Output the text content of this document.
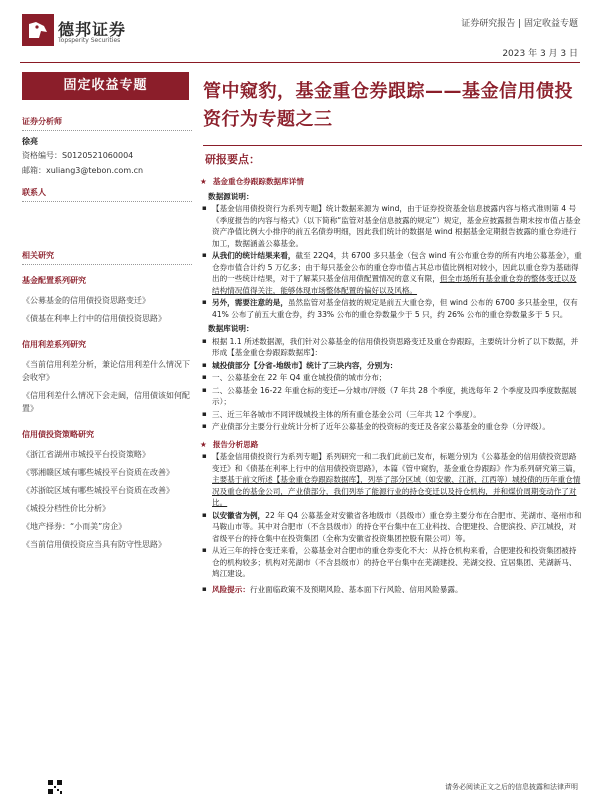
德邦证券
Topsperity Securities
证券研究报告 | 固定收益专题
2023 年 3 月 3 日
固定收益专题
证券分析师
徐亮
资格编号：S0120521060004
邮箱：xuliang3@tebon.com.cn
联系人
相关研究
基金配置系列研究
《公募基金的信用债投资思路变迁》
《债基在利率上行中的信用债投资思路》
信用利差系列研究
《当前信用利差分析，兼论信用利差什么情况下会收窄》
《信用利差什么情况下会走阔，信用债该如何配置》
信用债投资策略研究
《浙江省湖州市城投平台投资策略》
《鄂湘赣区域有哪些城投平台资质在改善》
《苏浙皖区域有哪些城投平台资质在改善》
《城投分档性价比分析》
《地产择券：“小而美”房企》
《当前信用债投资应当具有防守性思路》
管中窥豹，基金重仓券跟踪——基金信用债投资行为专题之三
研报要点：
★ 基金重仓券跟踪数据库详情
数据源说明：
▪ 【基金信用债投资行为系列专题】统计数据来源为 wind，由于证券投资基金信息披露内容与格式准则第 4 号《季度报告的内容与格式》（以下简称“监管对基金信息披露的规定”）规定，基金应披露报告期末按市值占基金资产净值比例大小排序的前五名债券明细，因此我们统计的数据是 wind 根据基金定期报告披露的重仓券进行加工，数据涵盖公募基金。
▪ 从我们的统计结果来看，截至 22Q4，共 6700 多只基金（包含 wind 有公布重仓券的所有内地公募基金），重仓券市值合计约 5 万亿多；由于每只基金公布的重仓券市值占其总市值比例相对较小，因此以重仓券为基础得出的一些统计结果，对于了解某只基金信用债配置情况的意义有限，但全市场所有基金重仓券的整体变迁以及结构情况值得关注，能够体现市场整体配置的偏好以及风格。
▪ 另外，需要注意的是，虽然监管对基金信披的规定是前五大重仓券，但 wind 公布的 6700 多只基金里，仅有 41% 公布了前五大重仓券，约 33% 公布的重仓券数量少于 5 只，约 26% 公布的重仓券数量多于 5 只。
数据库说明：
▪ 根据 1.1 所述数据源，我们针对公募基金的信用债投资思路变迁及重仓券跟踪，主要统计分析了以下数据，并形成【基金重仓券跟踪数据库】：
▪ 城投债部分【分省-地级市】统计了三块内容，分别为：
▪ 一、公募基金在 22 年 Q4 重仓城投债的城市分布；
▪ 二、公募基金 16-22 年重仓标的变迁—分城市/评级（7 年共 28 个季度，挑选每年 2 个季度及四季度数据展示）；
▪ 三、近三年各城市不同评级城投主体的所有重仓基金公司（三年共 12 个季度）。
▪ 产业债部分主要分行业统计分析了近年公募基金的投资标的变迁及各家公募基金的重仓券（分评级）。
★ 报告分析思路
▪ 【基金信用债投资行为系列专题】系列研究一和二我们此前已发布，标题分别为《公募基金的信用债投资思路变迁》和《债基在利率上行中的信用债投资思路》，本篇《管中窥豹，基金重仓券跟踪》作为系列研究第三篇，主要基于前文所述【基金重仓券跟踪数据库】，列举了部分区域（如安徽、江浙、江西等）城投债的历年重仓情况及重仓的基金公司，产业债部分，我们列举了能源行业的持仓变迁以及持仓机构，并和煤价周期变动作了对比。
▪ 以安徽省为例，22 年 Q4 公募基金对安徽省各地级市（县级市）重仓券主要分布在合肥市、芜湖市、亳州市和马鞍山市等。其中对合肥市（不含县级市）的持仓平台集中在工业科技、合肥建投、合肥滨投、庐江城投，对省级平台的持仓集中在投资集团（全称为安徽省投资集团控股有限公司）等。
▪ 从近三年的持仓变迁来看，公募基金对合肥市的重仓券变化不大：从持仓机构来看，合肥建投和投资集团被持仓的机构较多；机构对芜湖市（不含县级市）的持仓平台集中在芜湖建投、芜湖交投、宜居集团、芜湖新马、鸠江建设。
▪ 风险提示：行业面临政策不及预期风险、基本面下行风险、信用风险暴露。
请务必阅读正文之后的信息披露和法律声明
